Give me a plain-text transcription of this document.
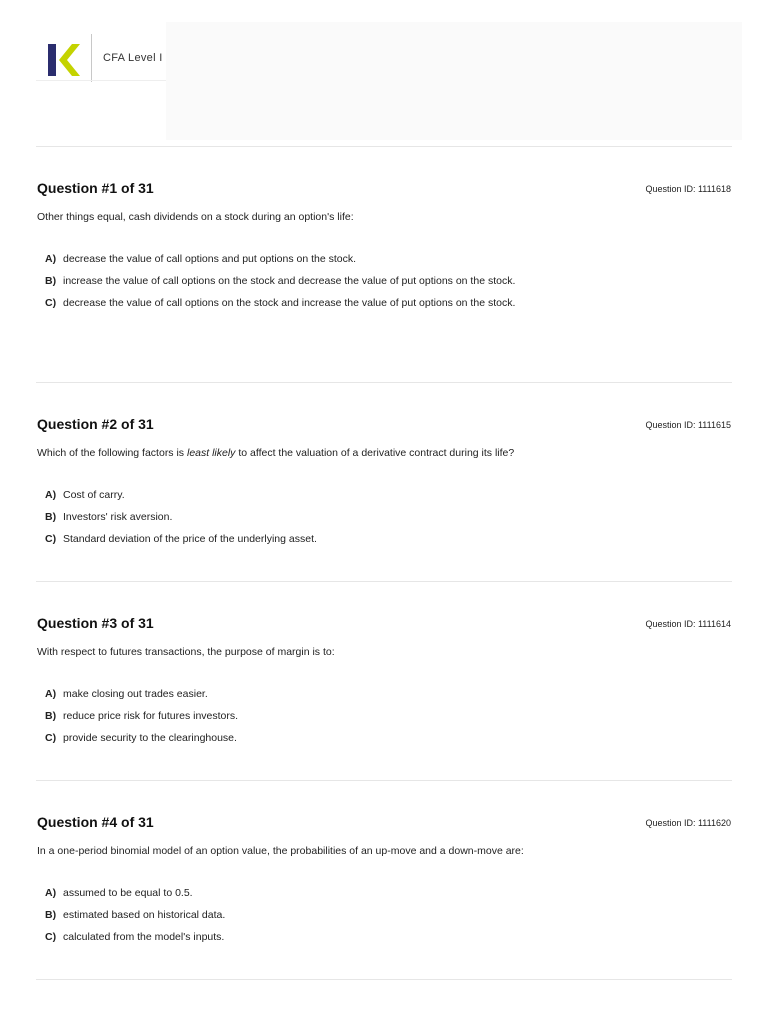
CFA Level I
Question #1 of 31	Question ID: 1111618
Other things equal, cash dividends on a stock during an option's life:
A) decrease the value of call options and put options on the stock.
B) increase the value of call options on the stock and decrease the value of put options on the stock.
C) decrease the value of call options on the stock and increase the value of put options on the stock.
Question #2 of 31	Question ID: 1111615
Which of the following factors is least likely to affect the valuation of a derivative contract during its life?
A) Cost of carry.
B) Investors' risk aversion.
C) Standard deviation of the price of the underlying asset.
Question #3 of 31	Question ID: 1111614
With respect to futures transactions, the purpose of margin is to:
A) make closing out trades easier.
B) reduce price risk for futures investors.
C) provide security to the clearinghouse.
Question #4 of 31	Question ID: 1111620
In a one-period binomial model of an option value, the probabilities of an up-move and a down-move are:
A) assumed to be equal to 0.5.
B) estimated based on historical data.
C) calculated from the model's inputs.
